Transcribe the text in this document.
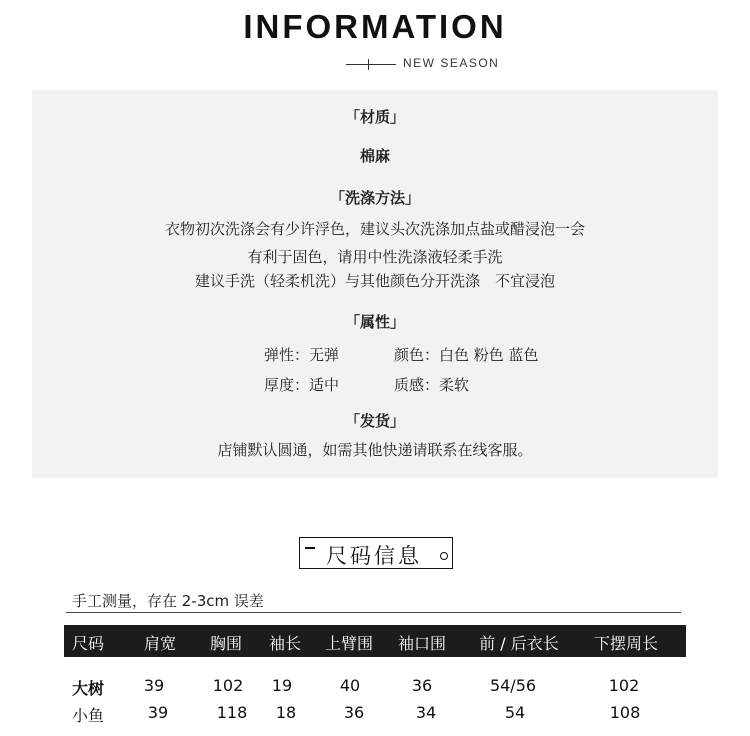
INFORMATION
NEW SEASON
「材质」
棉麻
「洗涤方法」
衣物初次洗涤会有少许浮色，建议头次洗涤加点盐或醋浸泡一会
有利于固色，请用中性洗涤液轻柔手洗
建议手洗（轻柔机洗）与其他颜色分开洗涤　不宜浸泡
「属性」
弹性：无弹	颜色：白色 粉色 蓝色
厚度：适中	质感：柔软
「发货」
店铺默认圆通，如需其他快递请联系在线客服。
尺码信息
手工测量，存在 2-3cm 误差
尺码	肩宽	胸围	袖长	上臂围	袖口围	前 / 后衣长	下摆周长
大树	39	102	19	40	36	54/56	102
小鱼	39	118	18	36	34	54	108
